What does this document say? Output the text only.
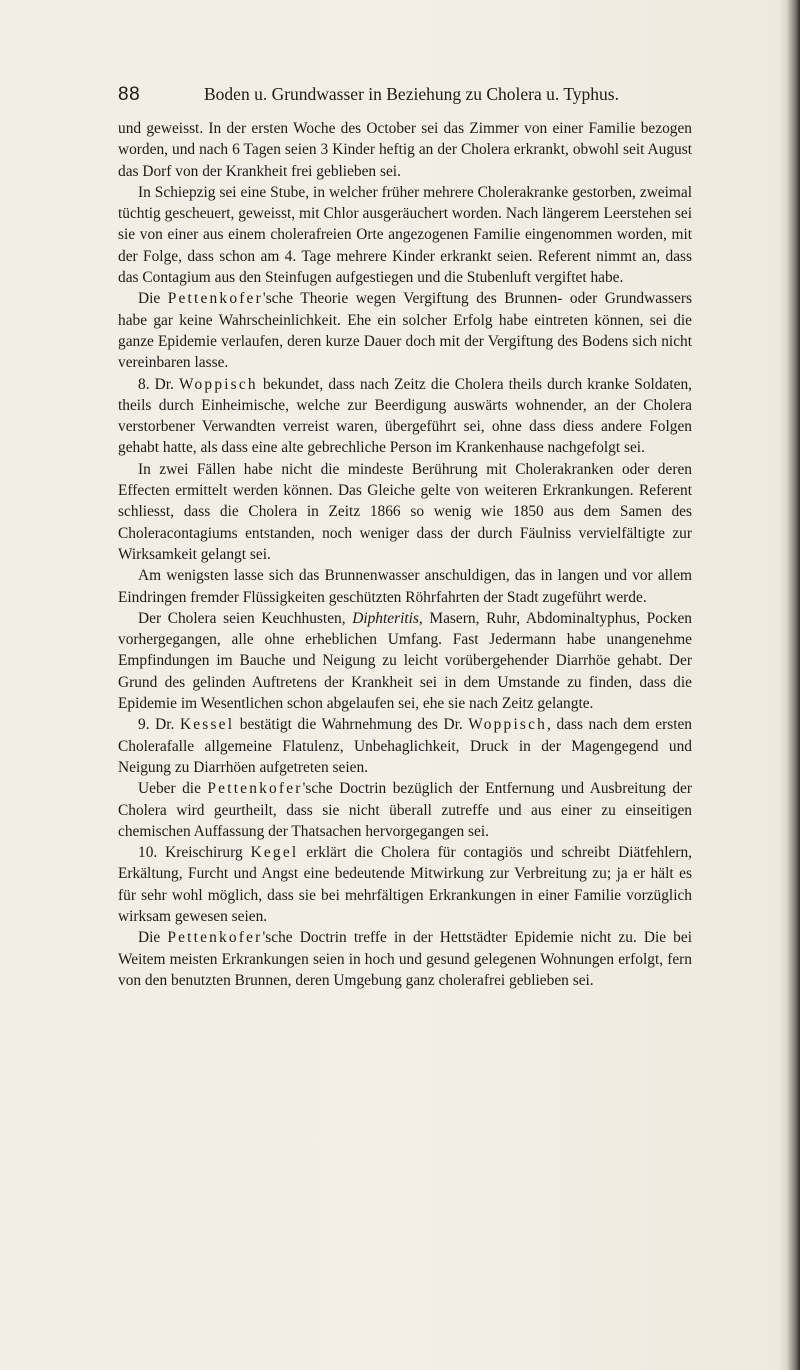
88	Boden u. Grundwasser in Beziehung zu Cholera u. Typhus.

und geweisst. In der ersten Woche des October sei das Zimmer von einer Familie bezogen worden, und nach 6 Tagen seien 3 Kinder heftig an der Cholera erkrankt, obwohl seit August das Dorf von der Krankheit frei geblieben sei.

In Schiepzig sei eine Stube, in welcher früher mehrere Cholerakranke gestorben, zweimal tüchtig gescheuert, geweisst, mit Chlor ausgeräuchert worden. Nach längerem Leerstehen sei sie von einer aus einem cholerafreien Orte angezogenen Familie eingenommen worden, mit der Folge, dass schon am 4. Tage mehrere Kinder erkrankt seien. Referent nimmt an, dass das Contagium aus den Steinfugen aufgestiegen und die Stubenluft vergiftet habe.

Die Pettenkofer'sche Theorie wegen Vergiftung des Brunnen- oder Grundwassers habe gar keine Wahrscheinlichkeit. Ehe ein solcher Erfolg habe eintreten können, sei die ganze Epidemie verlaufen, deren kurze Dauer doch mit der Vergiftung des Bodens sich nicht vereinbaren lasse.

8. Dr. Woppisch bekundet, dass nach Zeitz die Cholera theils durch kranke Soldaten, theils durch Einheimische, welche zur Beerdigung auswärts wohnender, an der Cholera verstorbener Verwandten verreist waren, übergeführt sei, ohne dass diess andere Folgen gehabt hatte, als dass eine alte gebrechliche Person im Krankenhause nachgefolgt sei.

In zwei Fällen habe nicht die mindeste Berührung mit Cholerakranken oder deren Effecten ermittelt werden können. Das Gleiche gelte von weiteren Erkrankungen. Referent schliesst, dass die Cholera in Zeitz 1866 so wenig wie 1850 aus dem Samen des Choleracontagiums entstanden, noch weniger dass der durch Fäulniss vervielfältigte zur Wirksamkeit gelangt sei.

Am wenigsten lasse sich das Brunnenwasser anschuldigen, das in langen und vor allem Eindringen fremder Flüssigkeiten geschützten Röhrfahrten der Stadt zugeführt werde.

Der Cholera seien Keuchhusten, Diphteritis, Masern, Ruhr, Abdominaltyphus, Pocken vorhergegangen, alle ohne erheblichen Umfang. Fast Jedermann habe unangenehme Empfindungen im Bauche und Neigung zu leicht vorübergehender Diarrhöe gehabt. Der Grund des gelinden Auftretens der Krankheit sei in dem Umstande zu finden, dass die Epidemie im Wesentlichen schon abgelaufen sei, ehe sie nach Zeitz gelangte.

9. Dr. Kessel bestätigt die Wahrnehmung des Dr. Woppisch, dass nach dem ersten Cholerafalle allgemeine Flatulenz, Unbehaglichkeit, Druck in der Magengegend und Neigung zu Diarrhöen aufgetreten seien.

Ueber die Pettenkofer'sche Doctrin bezüglich der Entfernung und Ausbreitung der Cholera wird geurtheilt, dass sie nicht überall zutreffe und aus einer zu einseitigen chemischen Auffassung der Thatsachen hervorgegangen sei.

10. Kreischirurg Kegel erklärt die Cholera für contagiös und schreibt Diätfehlern, Erkältung, Furcht und Angst eine bedeutende Mitwirkung zur Verbreitung zu; ja er hält es für sehr wohl möglich, dass sie bei mehrfältigen Erkrankungen in einer Familie vorzüglich wirksam gewesen seien.

Die Pettenkofer'sche Doctrin treffe in der Hettstädter Epidemie nicht zu. Die bei Weitem meisten Erkrankungen seien in hoch und gesund gelegenen Wohnungen erfolgt, fern von den benutzten Brunnen, deren Umgebung ganz cholerafrei geblieben sei.
